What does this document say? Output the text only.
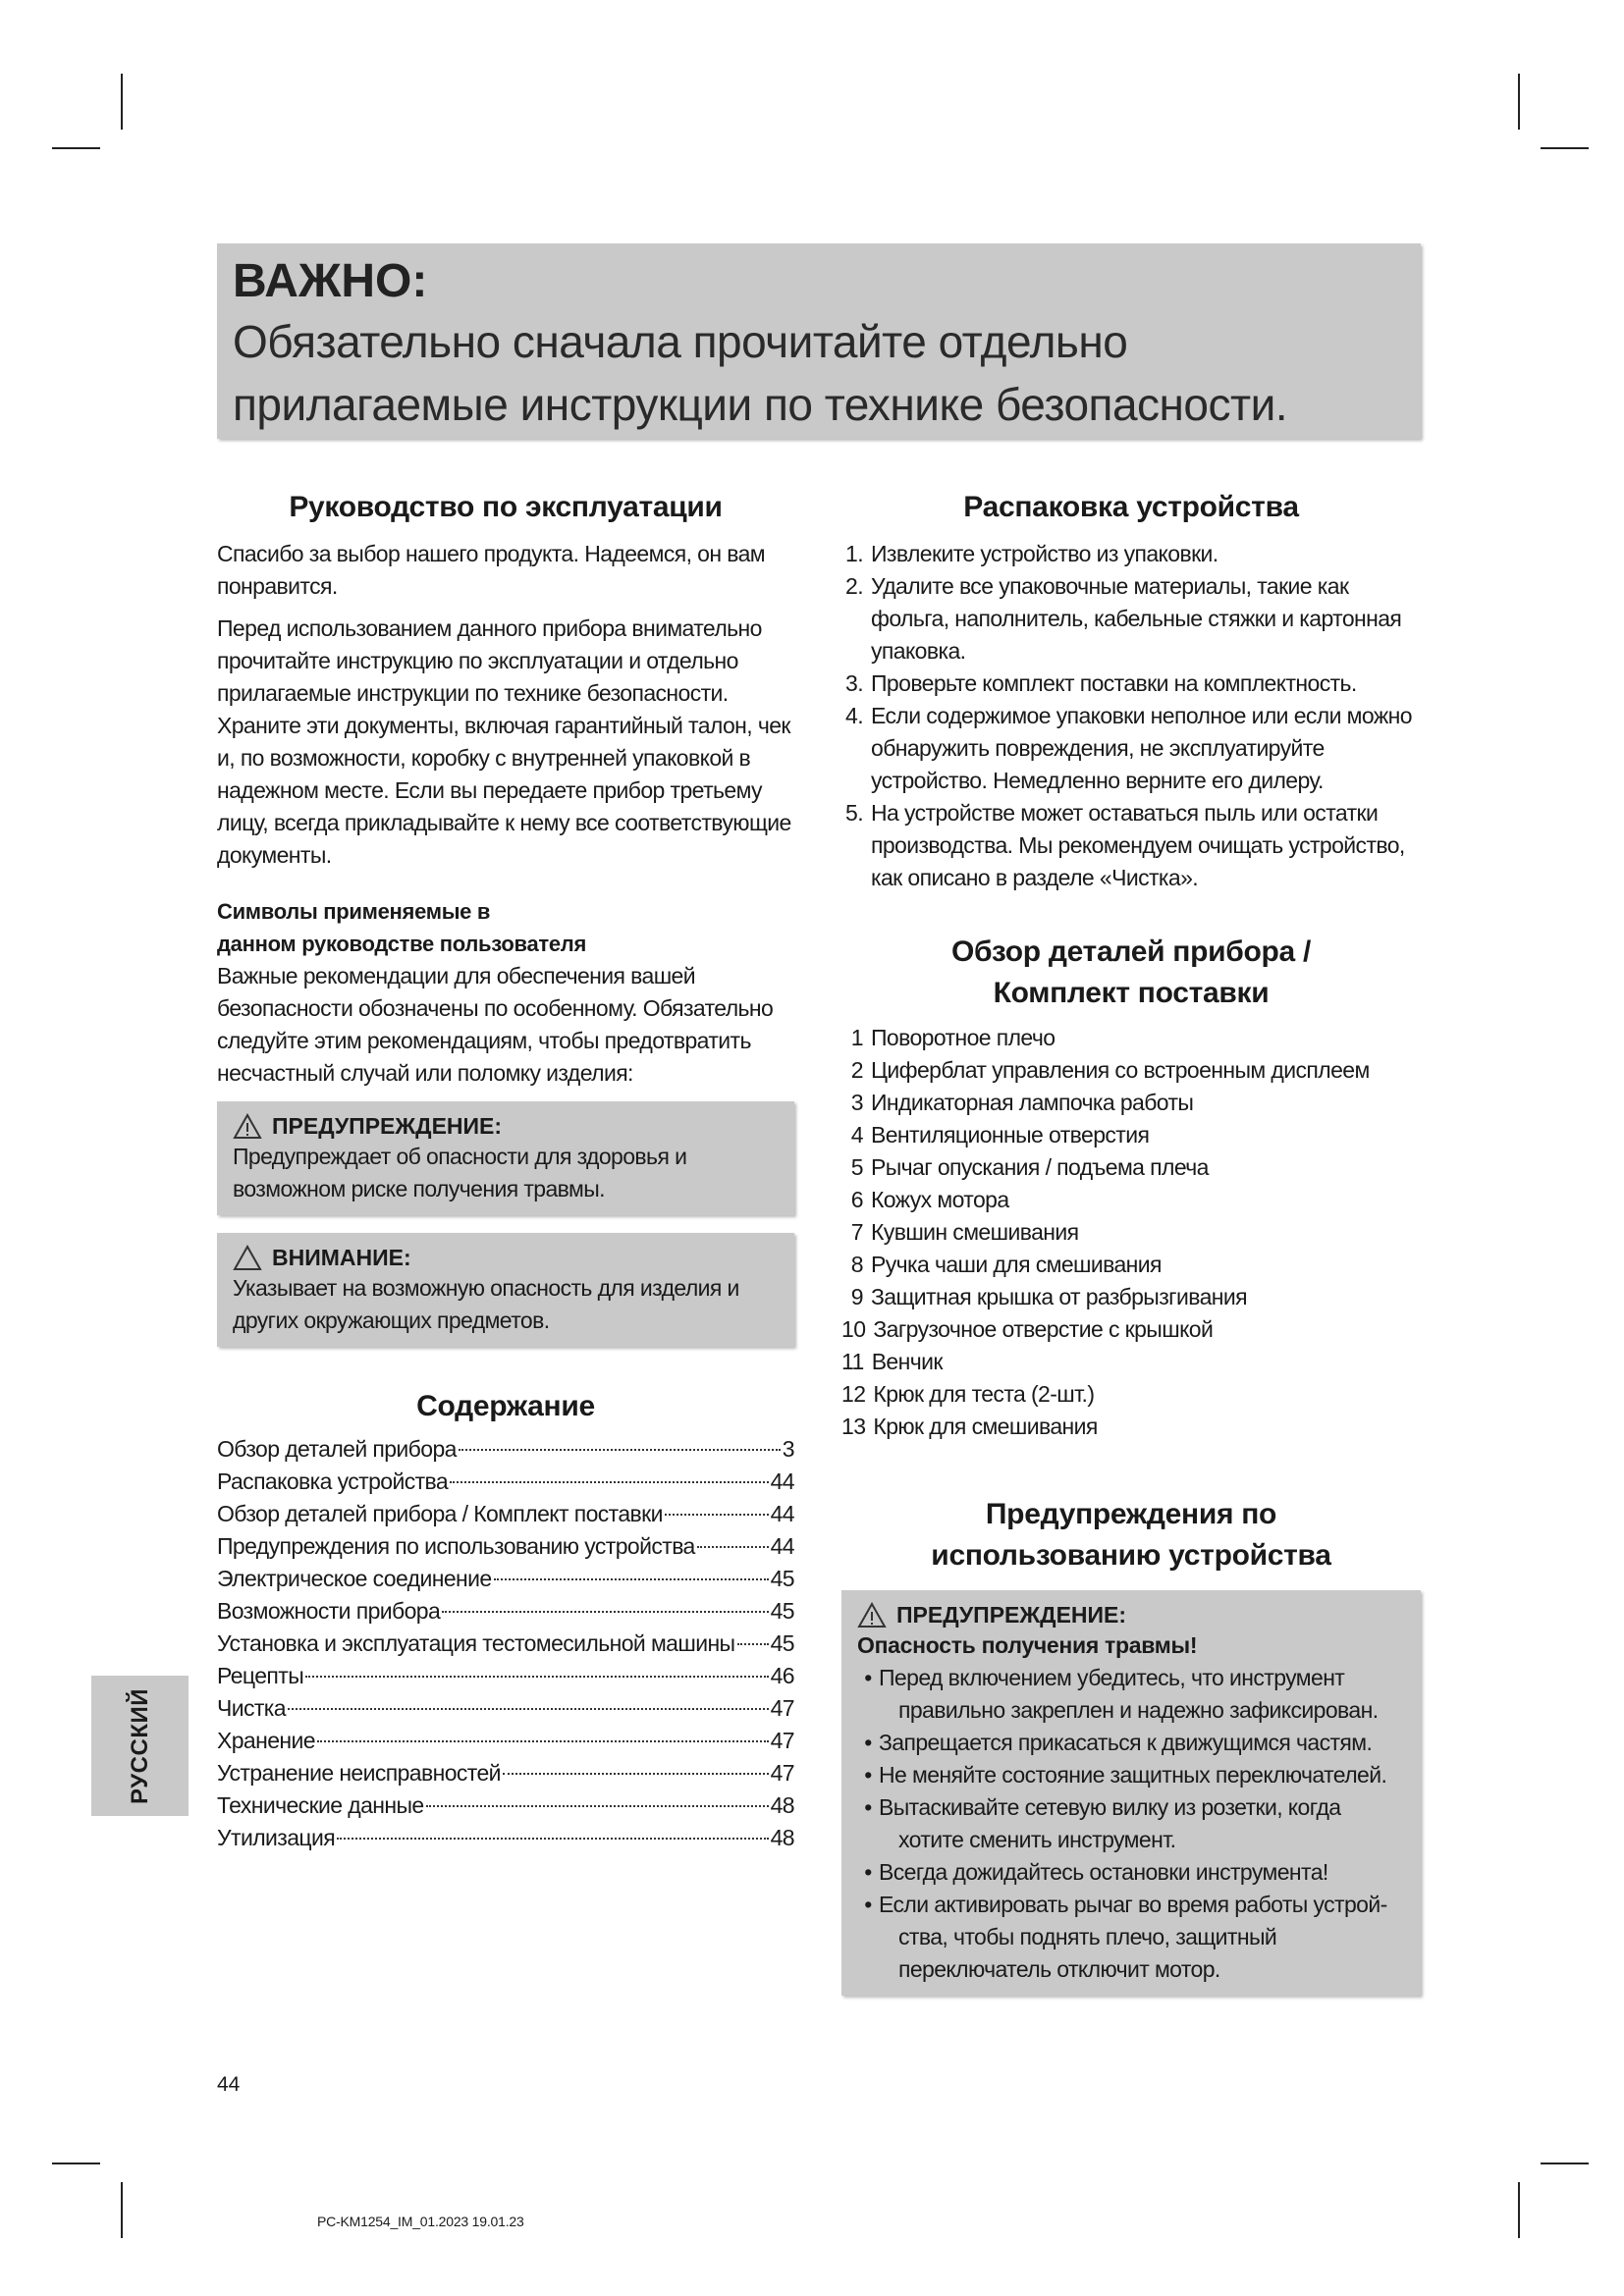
ВАЖНО:
Обязательно сначала прочитайте отдельно прилагаемые инструкции по технике безопасности.
Руководство по эксплуатации
Спасибо за выбор нашего продукта. Надеемся, он вам понравится.
Перед использованием данного прибора внимательно прочитайте инструкцию по эксплуатации и отдельно прилагаемые инструкции по технике безопасности. Храните эти документы, включая гарантийный талон, чек и, по возможности, коробку с внутренней упаковкой в надежном месте. Если вы передаете прибор третьему лицу, всегда прикладывайте к нему все соответствующие документы.
Символы применяемые в
данном руководстве пользователя
Важные рекомендации для обеспечения вашей безопасности обозначены по особенному. Обязательно следуйте этим рекомендациям, чтобы предотвратить несчастный случай или поломку изделия:
ПРЕДУПРЕЖДЕНИЕ:
Предупреждает об опасности для здоровья и возможном риске получения травмы.
ВНИМАНИЕ:
Указывает на возможную опасность для изделия и других окружающих предметов.
Содержание
Обзор деталей прибора	3
Распаковка устройства	44
Обзор деталей прибора / Комплект поставки	44
Предупреждения по использованию устройства	44
Электрическое соединение	45
Возможности прибора	45
Установка и эксплуатация тестомесильной машины 45
Рецепты	46
Чистка	47
Хранение	47
Устранение неисправностей	47
Технические данные	48
Утилизация	48
Распаковка устройства
1. Извлеките устройство из упаковки.
2. Удалите все упаковочные материалы, такие как фольга, наполнитель, кабельные стяжки и картонная упаковка.
3. Проверьте комплект поставки на комплектность.
4. Если содержимое упаковки неполное или если можно обнаружить повреждения, не эксплуатируйте устройство. Немедленно верните его дилеру.
5. На устройстве может оставаться пыль или остатки производства. Мы рекомендуем очищать устройство, как описано в разделе «Чистка».
Обзор деталей прибора /
Комплект поставки
1 Поворотное плечо
2 Циферблат управления со встроенным дисплеем
3 Индикаторная лампочка работы
4 Вентиляционные отверстия
5 Рычаг опускания / подъема плеча
6 Кожух мотора
7 Кувшин смешивания
8 Ручка чаши для смешивания
9 Защитная крышка от разбрызгивания
10 Загрузочное отверстие с крышкой
11 Венчик
12 Крюк для теста (2-шт.)
13 Крюк для смешивания
Предупреждения по
использованию устройства
ПРЕДУПРЕЖДЕНИЕ:
Опасность получения травмы!
• Перед включением убедитесь, что инструмент
правильно закреплен и надежно зафиксирован.
• Запрещается прикасаться к движущимся частям.
• Не меняйте состояние защитных переключателей.
• Вытаскивайте сетевую вилку из розетки, когда
хотите сменить инструмент.
• Всегда дожидайтесь остановки инструмента!
• Если активировать рычаг во время работы устрой-
ства, чтобы поднять плечо, защитный переключатель отключит мотор.
РУССКИЙ
44
PC-KM1254_IM_01.2023 19.01.23
